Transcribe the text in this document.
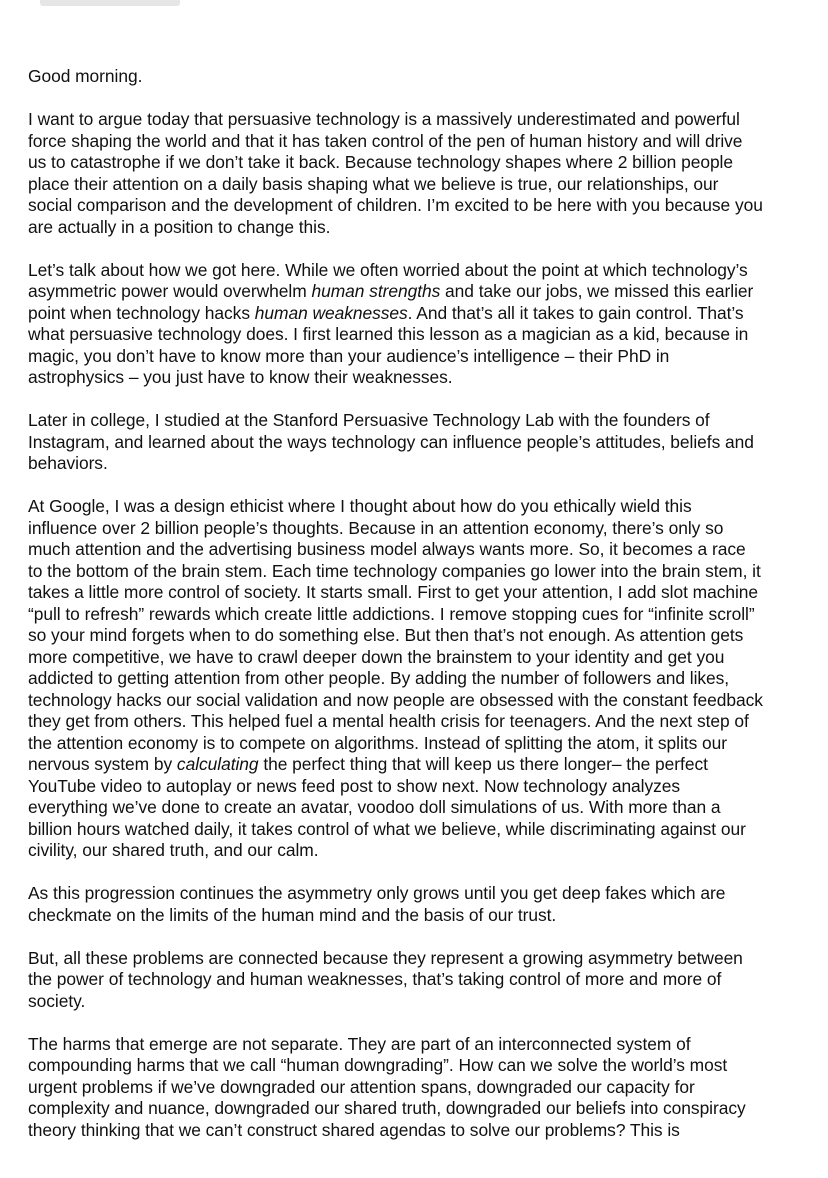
Good morning.

I want to argue today that persuasive technology is a massively underestimated and powerful
force shaping the world and that it has taken control of the pen of human history and will drive
us to catastrophe if we don’t take it back. Because technology shapes where 2 billion people
place their attention on a daily basis shaping what we believe is true, our relationships, our
social comparison and the development of children. I’m excited to be here with you because you
are actually in a position to change this.

Let’s talk about how we got here. While we often worried about the point at which technology’s
asymmetric power would overwhelm human strengths and take our jobs, we missed this earlier
point when technology hacks human weaknesses. And that’s all it takes to gain control. That’s
what persuasive technology does. I first learned this lesson as a magician as a kid, because in
magic, you don’t have to know more than your audience’s intelligence – their PhD in
astrophysics – you just have to know their weaknesses.

Later in college, I studied at the Stanford Persuasive Technology Lab with the founders of
Instagram, and learned about the ways technology can influence people’s attitudes, beliefs and
behaviors.

At Google, I was a design ethicist where I thought about how do you ethically wield this
influence over 2 billion people’s thoughts. Because in an attention economy, there’s only so
much attention and the advertising business model always wants more. So, it becomes a race
to the bottom of the brain stem. Each time technology companies go lower into the brain stem, it
takes a little more control of society. It starts small. First to get your attention, I add slot machine
“pull to refresh” rewards which create little addictions. I remove stopping cues for “infinite scroll”
so your mind forgets when to do something else. But then that’s not enough. As attention gets
more competitive, we have to crawl deeper down the brainstem to your identity and get you
addicted to getting attention from other people. By adding the number of followers and likes,
technology hacks our social validation and now people are obsessed with the constant feedback
they get from others. This helped fuel a mental health crisis for teenagers. And the next step of
the attention economy is to compete on algorithms. Instead of splitting the atom, it splits our
nervous system by calculating the perfect thing that will keep us there longer– the perfect
YouTube video to autoplay or news feed post to show next. Now technology analyzes
everything we’ve done to create an avatar, voodoo doll simulations of us. With more than a
billion hours watched daily, it takes control of what we believe, while discriminating against our
civility, our shared truth, and our calm.

As this progression continues the asymmetry only grows until you get deep fakes which are
checkmate on the limits of the human mind and the basis of our trust.

But, all these problems are connected because they represent a growing asymmetry between
the power of technology and human weaknesses, that’s taking control of more and more of
society.

The harms that emerge are not separate. They are part of an interconnected system of
compounding harms that we call “human downgrading”. How can we solve the world’s most
urgent problems if we’ve downgraded our attention spans, downgraded our capacity for
complexity and nuance, downgraded our shared truth, downgraded our beliefs into conspiracy
theory thinking that we can’t construct shared agendas to solve our problems? This is
